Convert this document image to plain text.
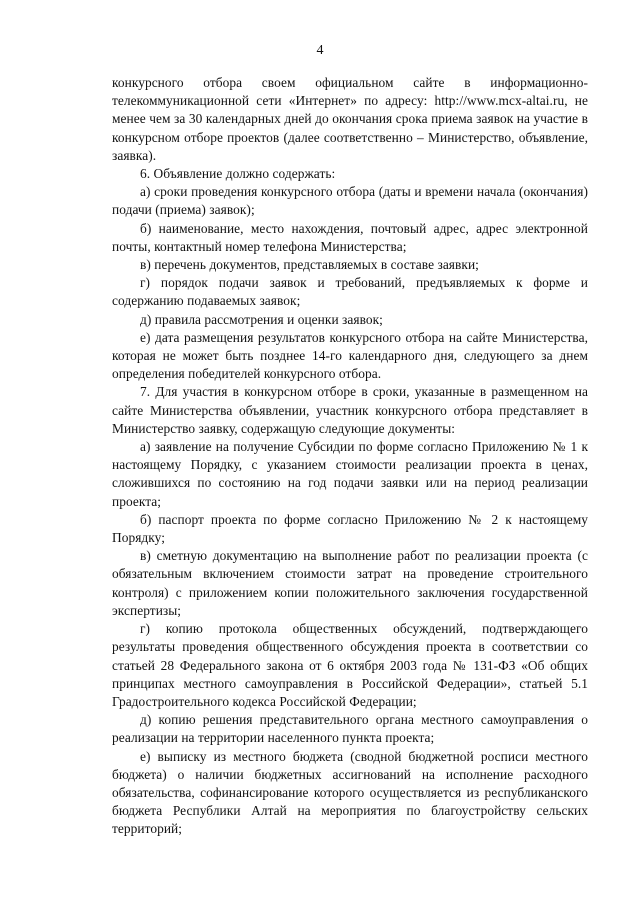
4

конкурсного отбора своем официальном сайте в информационно-телекоммуникационной сети «Интернет» по адресу: http://www.mcx-altai.ru, не менее чем за 30 календарных дней до окончания срока приема заявок на участие в конкурсном отборе проектов (далее соответственно – Министерство, объявление, заявка).

6. Объявление должно содержать:

а) сроки проведения конкурсного отбора (даты и времени начала (окончания) подачи (приема) заявок);

б) наименование, место нахождения, почтовый адрес, адрес электронной почты, контактный номер телефона Министерства;

в) перечень документов, представляемых в составе заявки;

г) порядок подачи заявок и требований, предъявляемых к форме и содержанию подаваемых заявок;

д) правила рассмотрения и оценки заявок;

е) дата размещения результатов конкурсного отбора на сайте Министерства, которая не может быть позднее 14-го календарного дня, следующего за днем определения победителей конкурсного отбора.

7. Для участия в конкурсном отборе в сроки, указанные в размещенном на сайте Министерства объявлении, участник конкурсного отбора представляет в Министерство заявку, содержащую следующие документы:

а) заявление на получение Субсидии по форме согласно Приложению № 1 к настоящему Порядку, с указанием стоимости реализации проекта в ценах, сложившихся по состоянию на год подачи заявки или на период реализации проекта;

б) паспорт проекта по форме согласно Приложению № 2 к настоящему Порядку;

в) сметную документацию на выполнение работ по реализации проекта (с обязательным включением стоимости затрат на проведение строительного контроля) с приложением копии положительного заключения государственной экспертизы;

г) копию протокола общественных обсуждений, подтверждающего результаты проведения общественного обсуждения проекта в соответствии со статьей 28 Федерального закона от 6 октября 2003 года № 131-ФЗ «Об общих принципах местного самоуправления в Российской Федерации», статьей 5.1 Градостроительного кодекса Российской Федерации;

д) копию решения представительного органа местного самоуправления о реализации на территории населенного пункта проекта;

е) выписку из местного бюджета (сводной бюджетной росписи местного бюджета) о наличии бюджетных ассигнований на исполнение расходного обязательства, софинансирование которого осуществляется из республиканского бюджета Республики Алтай на мероприятия по благоустройству сельских территорий;
